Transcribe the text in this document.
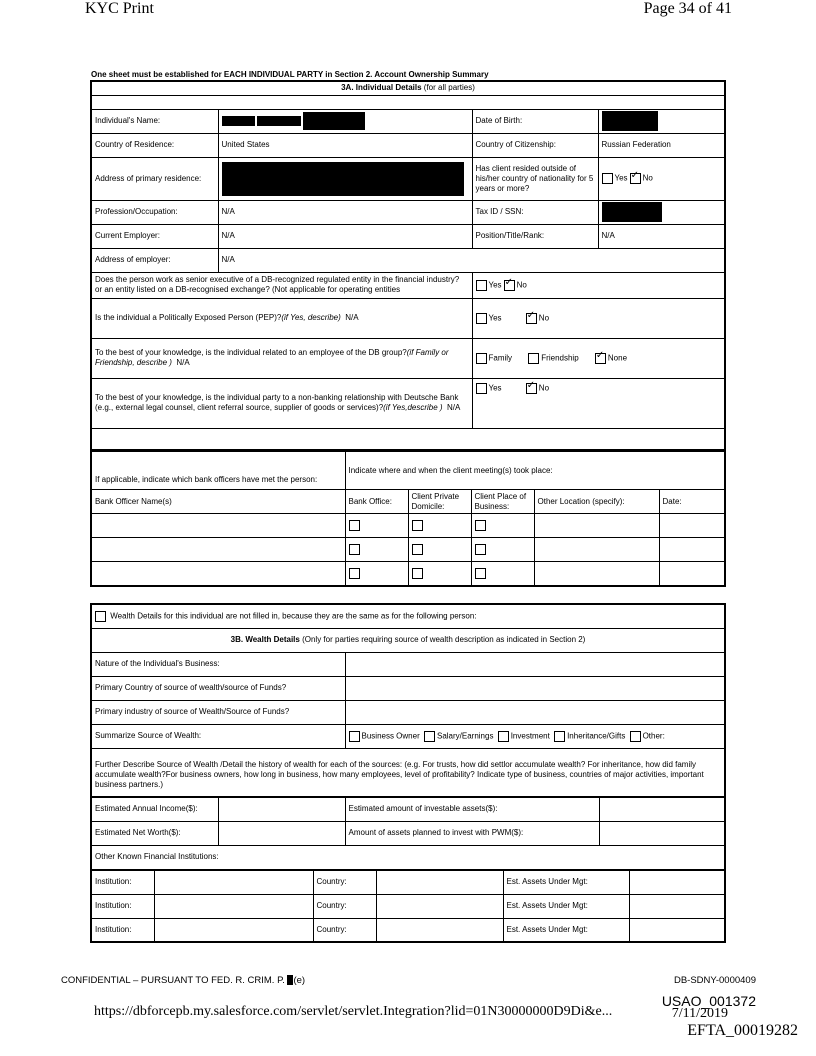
KYC Print	Page 34 of 41
One sheet must be established for EACH INDIVIDUAL PARTY in Section 2. Account Ownership Summary
3A. Individual Details (for all parties)			

Individual's Name:		Date of Birth:	
Country of Residence:	United States	Country of Citizenship:	Russian Federation
Address of primary residence:		Has client resided outside of his/her country of nationality for 5 years or more?	Yes ✓ No
Profession/Occupation:	N/A	Tax ID / SSN:	
Current Employer:	N/A	Position/Title/Rank:	N/A
Address of employer:	N/A		
Does the person work as senior executive of a DB-recognized regulated entity in the financial industry? or an entity listed on a DB-recognised exchange? (Not applicable for operating entities		Yes ✓ No
Is the individual a Politically Exposed Person (PEP)?(if Yes, describe) N/A		Yes ✓ No
To the best of your knowledge, is the individual related to an employee of the DB group?(if Family or Friendship, describe ) N/A		Family Friendship ✓ None
To the best of your knowledge, is the individual party to a non-banking relationship with Deutsche Bank (e.g., external legal counsel, client referral source, supplier of goods or services)?(if Yes,describe ) N/A		Yes ✓ No

If applicable, indicate which bank officers have met the person:	Indicate where and when the client meeting(s) took place:				
Bank Officer Name(s)	Bank Office:	Client Private Domicile:	Client Place of Business:	Other Location (specify):	Date:

Wealth Details for this individual are not filled in, because they are the same as for the following person:	
3B. Wealth Details (Only for parties requiring source of wealth description as indicated in Section 2)	
Nature of the Individual's Business:	
Primary Country of source of wealth/source of Funds?	
Primary industry of source of Wealth/Source of Funds?	
Summarize Source of Wealth:	Business Owner Salary/Earnings Investment Inheritance/Gifts Other:
Further Describe Source of Wealth /Detail the history of wealth for each of the sources: (e.g. For trusts, how did settlor accumulate wealth? For inheritance, how did family accumulate wealth?For business owners, how long in business, how many employees, level of profitability? Indicate type of business, countries of major activities, important business partners.)	
Estimated Annual Income($):		Estimated amount of investable assets($):	
Estimated Net Worth($):		Amount of assets planned to invest with PWM($):	
Other Known Financial Institutions:			
Institution:		Country:		Est. Assets Under Mgt:	
Institution:		Country:		Est. Assets Under Mgt:	
Institution:		Country:		Est. Assets Under Mgt:	
CONFIDENTIAL – PURSUANT TO FED. R. CRIM. P. (e)	DB-SDNY-0000409
USAO_001372
https://dbforcepb.my.salesforce.com/servlet/servlet.Integration?lid=01N30000000D9Di&e...	7/11/2019
EFTA_00019282
